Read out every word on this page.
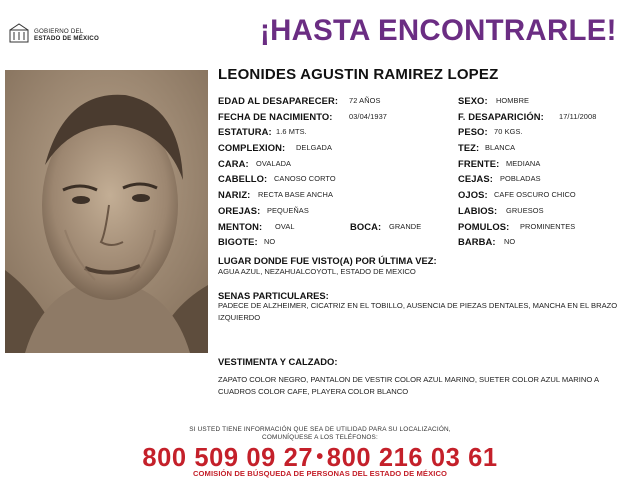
GOBIERNO DEL
ESTADO DE MÉXICO	¡HASTA ENCONTRARLE!
LEONIDES AGUSTIN RAMIREZ LOPEZ
EDAD AL DESAPARECER: 72 AÑOS
FECHA DE NACIMIENTO: 03/04/1937
ESTATURA: 1.6 MTS.
COMPLEXION: DELGADA
CARA: OVALADA
CABELLO: CANOSO CORTO
NARIZ: RECTA BASE ANCHA
OREJAS: PEQUEÑAS
MENTON: OVAL	BOCA: GRANDE
BIGOTE: NO
SEXO: HOMBRE
F. DESAPARICIÓN: 17/11/2008
PESO: 70 KGS.
TEZ: BLANCA
FRENTE: MEDIANA
CEJAS: POBLADAS
OJOS: CAFE OSCURO CHICO
LABIOS: GRUESOS
POMULOS: PROMINENTES
BARBA: NO
LUGAR DONDE FUE VISTO(A) POR ÚLTIMA VEZ:
AGUA AZUL, NEZAHUALCOYOTL, ESTADO DE MEXICO
SENAS PARTICULARES:
PADECE DE ALZHEIMER, CICATRIZ EN EL TOBILLO, AUSENCIA DE PIEZAS DENTALES, MANCHA EN EL BRAZO IZQUIERDO
VESTIMENTA Y CALZADO:
ZAPATO COLOR NEGRO, PANTALON DE VESTIR COLOR AZUL MARINO, SUETER COLOR AZUL MARINO A CUADROS COLOR CAFE, PLAYERA COLOR BLANCO
SI USTED TIENE INFORMACIÓN QUE SEA DE UTILIDAD PARA SU LOCALIZACIÓN,
COMUNÍQUESE A LOS TELÉFONOS:
800 509 09 27 • 800 216 03 61
COMISIÓN DE BÚSQUEDA DE PERSONAS DEL ESTADO DE MÉXICO
